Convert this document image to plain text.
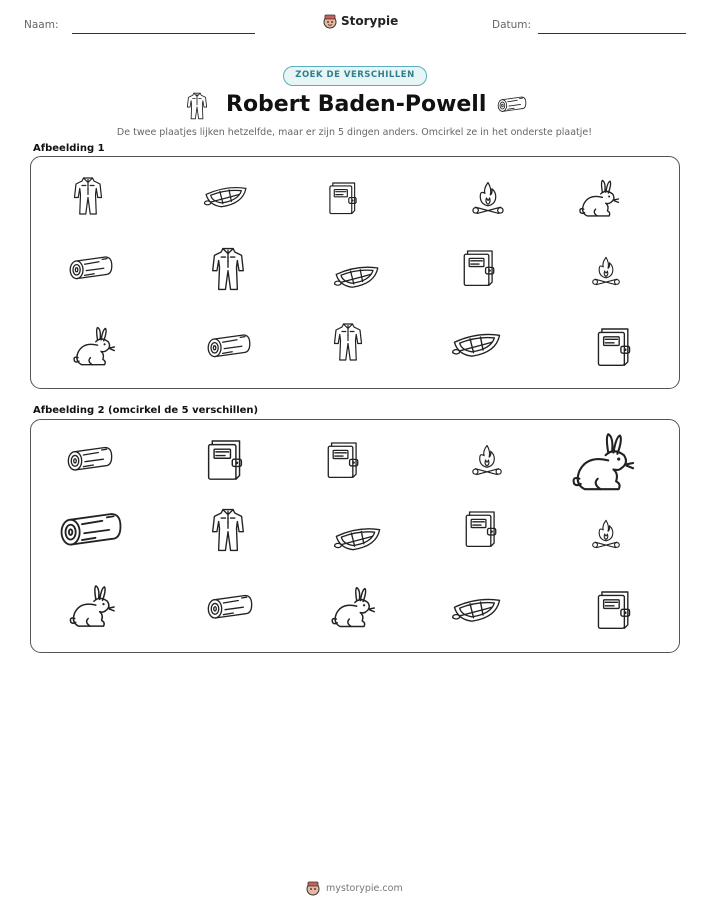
Naam:	Storypie	Datum:
ZOEK DE VERSCHILLEN
Robert Baden-Powell
De twee plaatjes lijken hetzelfde, maar er zijn 5 dingen anders. Omcirkel ze in het onderste plaatje!
Afbeelding 1
Afbeelding 2 (omcirkel de 5 verschillen)
mystorypie.com
